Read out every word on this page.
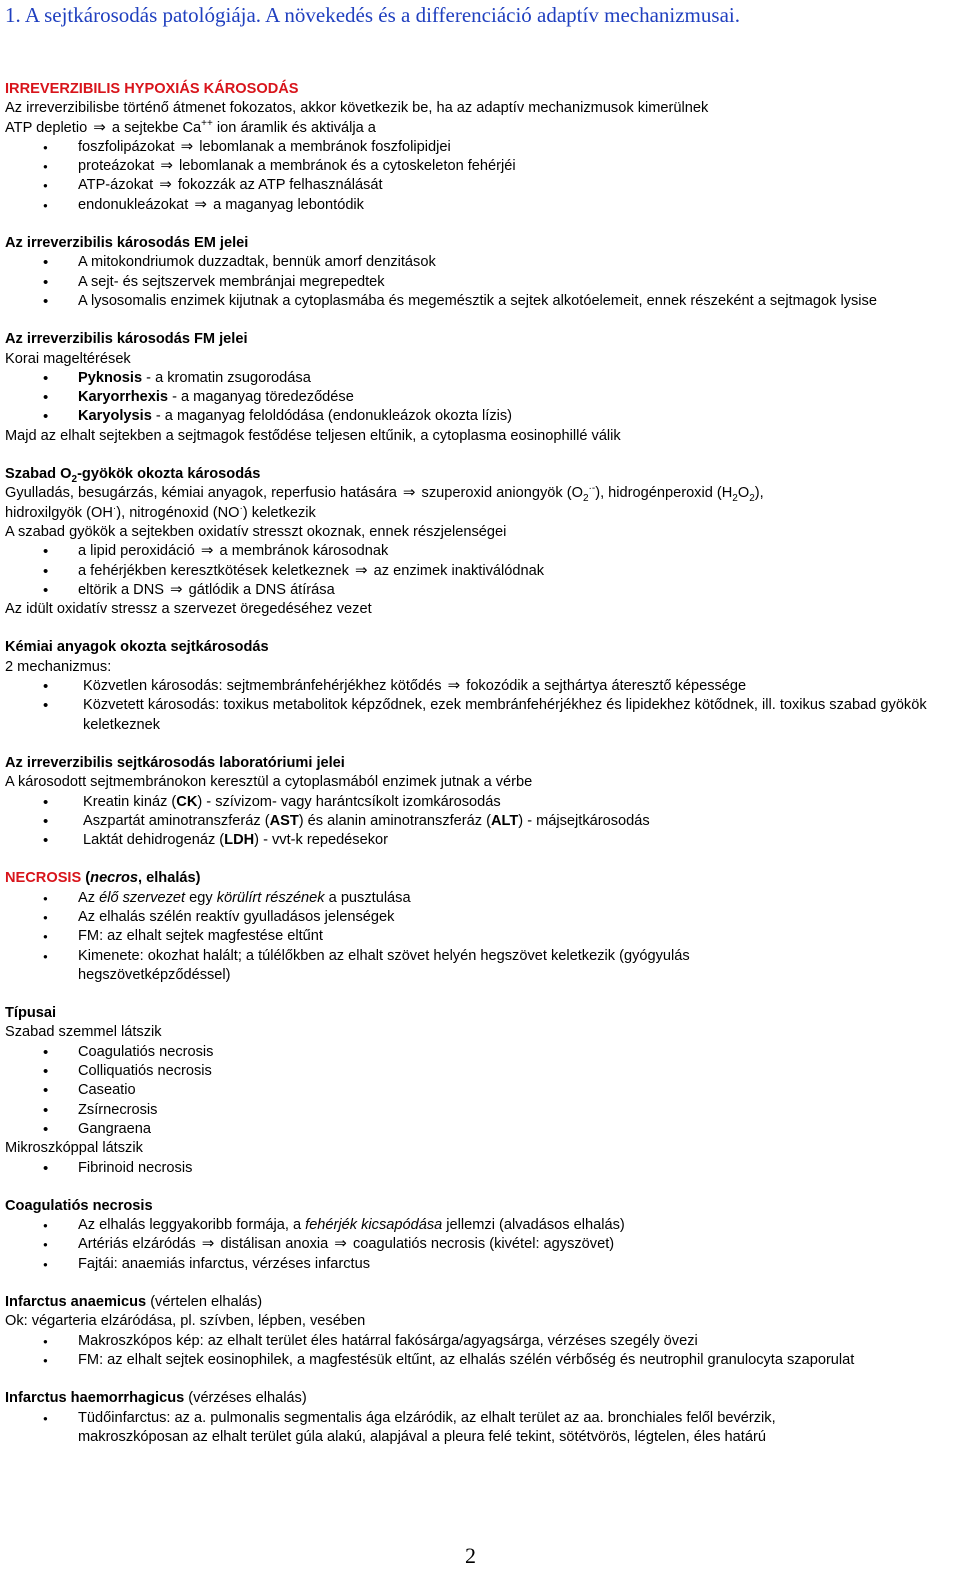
1. A sejtkárosodás patológiája. A növekedés és a differenciáció adaptív mechanizmusai.
IRREVERZIBILIS HYPOXIÁS KÁROSODÁS
Az irreverzibilisbe történő átmenet fokozatos, akkor következik be, ha az adaptív mechanizmusok kimerülnek
ATP depletio ⇒ a sejtekbe Ca++ ion áramlik és aktiválja a
●
foszfolipázokat ⇒ lebomlanak a membránok foszfolipidjei
●
proteázokat ⇒ lebomlanak a membránok és a cytoskeleton fehérjéi
●
ATP-ázokat ⇒ fokozzák az ATP felhasználását
●
endonukleázokat ⇒ a maganyag lebontódik
Az irreverzibilis károsodás EM jelei
•
A mitokondriumok duzzadtak, bennük amorf denzitások
•
A sejt- és sejtszervek membránjai megrepedtek
•
A lysosomalis enzimek kijutnak a cytoplasmába és megemésztik a sejtek alkotóelemeit, ennek részeként a sejtmagok lysise
Az irreverzibilis károsodás FM jelei
Korai mageltérések
•
Pyknosis - a kromatin zsugorodása
•
Karyorrhexis - a maganyag töredeződése
•
Karyolysis - a maganyag feloldódása (endonukleázok okozta lízis)
Majd az elhalt sejtekben a sejtmagok festődése teljesen eltűnik, a cytoplasma eosinophillé válik
Szabad $O_2$-gyökök okozta károsodás
Gyulladás, besugárzás, kémiai anyagok, reperfusio hatására ⇒ szuperoxid aniongyök $(O_2^{\cdot-})$, hidrogénperoxid $(H_2O_2)$,
hidroxilgyök (OH·), nitrogénoxid (NO·) keletkezik
A szabad gyökök a sejtekben oxidatív stresszt okoznak, ennek részjelenségei
•
a lipid peroxidáció ⇒ a membránok károsodnak
•
a fehérjékben keresztkötések keletkeznek ⇒ az enzimek inaktiválódnak
•
eltörik a DNS ⇒ gátlódik a DNS átírása
Az idült oxidatív stressz a szervezet öregedéséhez vezet
Kémiai anyagok okozta sejtkárosodás
2 mechanizmus:
•
Közvetlen károsodás: sejtmembránfehérjékhez kötődés ⇒ fokozódik a sejthártya áteresztő képessége
•
Közvetett károsodás: toxikus metabolitok képződnek, ezek membránfehérjékhez és lipidekhez kötődnek, ill. toxikus szabad gyökök keletkeznek
Az irreverzibilis sejtkárosodás laboratóriumi jelei
A károsodott sejtmembránokon keresztül a cytoplasmából enzimek jutnak a vérbe
•
Kreatin kináz (CK) - szívizom- vagy harántcsíkolt izomkárosodás
•
Aszpartát aminotranszferáz (AST) és alanin aminotranszferáz (ALT) - májsejtkárosodás
•
Laktát dehidrogenáz (LDH) - vvt-k repedésekor
NECROSIS (necros, elhalás)
●
Az élő szervezet egy körülírt részének a pusztulása
●
Az elhalás szélén reaktív gyulladásos jelenségek
●
FM: az elhalt sejtek magfestése eltűnt
●
Kimenete: okozhat halált; a túlélőkben az elhalt szövet helyén hegszövet keletkezik (gyógyulás hegszövetképződéssel)
Típusai
Szabad szemmel látszik
•
Coagulatiós necrosis
•
Colliquatiós necrosis
•
Caseatio
•
Zsírnecrosis
•
Gangraena
Mikroszkóppal látszik
•
Fibrinoid necrosis
Coagulatiós necrosis
●
Az elhalás leggyakoribb formája, a fehérjék kicsapódása jellemzi (alvadásos elhalás)
●
Artériás elzáródás ⇒ distálisan anoxia ⇒ coagulatiós necrosis (kivétel: agyszövet)
●
Fajtái: anaemiás infarctus, vérzéses infarctus
Infarctus anaemicus (vértelen elhalás)
Ok: végarteria elzáródása, pl. szívben, lépben, vesében
●
Makroszkópos kép: az elhalt terület éles határral fakósárga/agyagsárga, vérzéses szegély övezi
●
FM: az elhalt sejtek eosinophilek, a magfestésük eltűnt, az elhalás szélén vérbőség és neutrophil granulocyta szaporulat
Infarctus haemorrhagicus (vérzéses elhalás)
●
Tüdőinfarctus: az a. pulmonalis segmentalis ága elzáródik, az elhalt terület az aa. bronchiales felől bevérzik, makroszkóposan az elhalt terület gúla alakú, alapjával a pleura felé tekint, sötétvörös, légtelen, éles határú
2
